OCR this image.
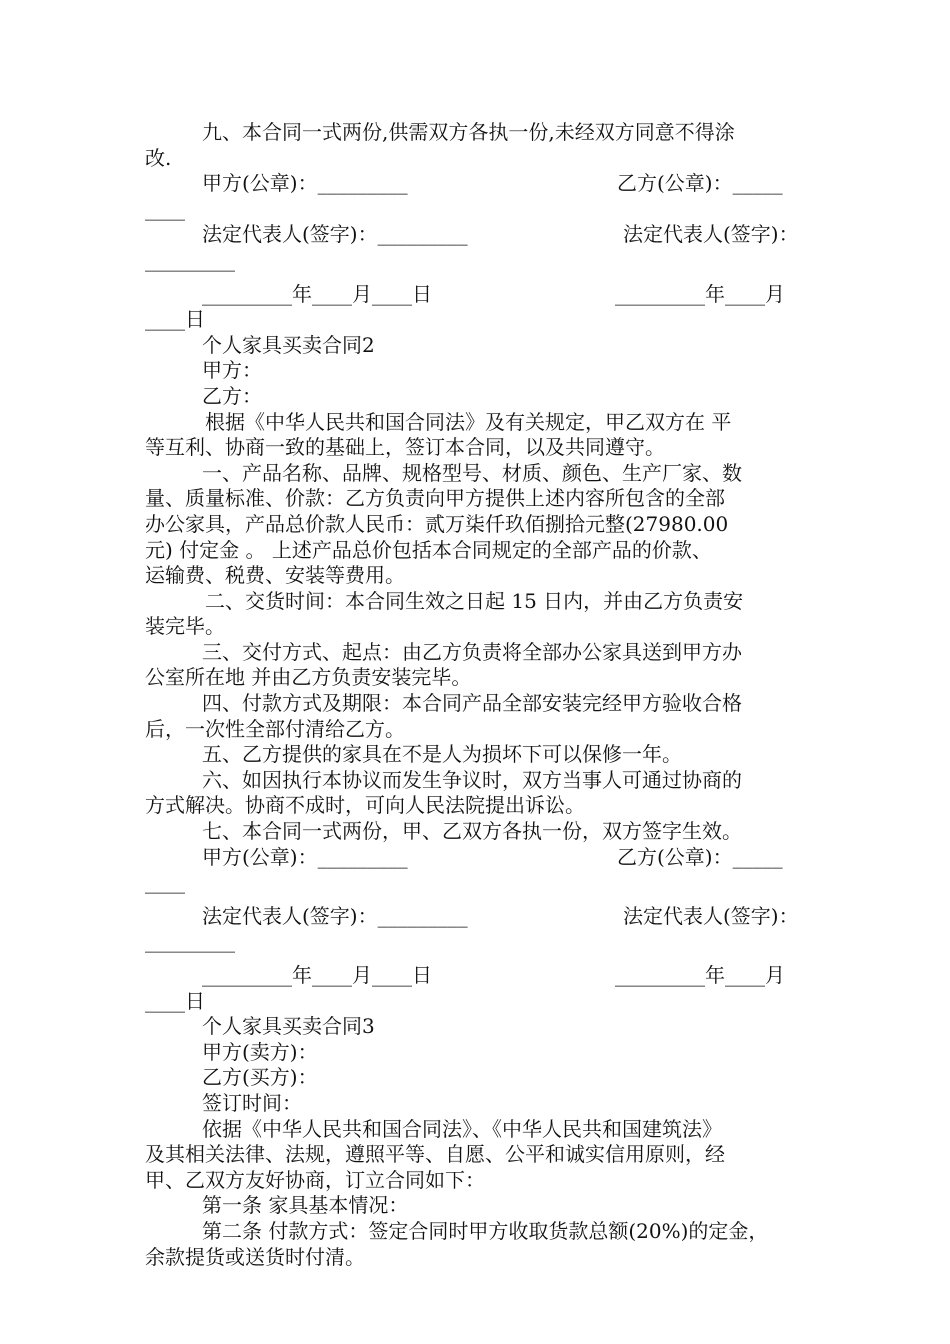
九、本合同一式两份,供需双方各执一份,未经双方同意不得涂
改.
甲方(公章)：_________	乙方(公章)：_____
____
法定代表人(签字)：_________	法定代表人(签字)：
_________
_________年____月____日	_________年____月
____日
个人家具买卖合同2
甲方：
乙方：
根据《中华人民共和国合同法》及有关规定，甲乙双方在 平
等互利、协商一致的基础上，签订本合同，以及共同遵守。
一、产品名称、品牌、规格型号、材质、颜色、生产厂家、数
量、质量标准、价款：乙方负责向甲方提供上述内容所包含的全部
办公家具，产品总价款人民币：贰万柒仟玖佰捌拾元整(27980.00
元) 付定金 。 上述产品总价包括本合同规定的全部产品的价款、
运输费、税费、安装等费用。
二、交货时间：本合同生效之日起 15 日内，并由乙方负责安
装完毕。
三、交付方式、起点：由乙方负责将全部办公家具送到甲方办
公室所在地 并由乙方负责安装完毕。
四、付款方式及期限：本合同产品全部安装完经甲方验收合格
后，一次性全部付清给乙方。
五、乙方提供的家具在不是人为损坏下可以保修一年。
六、如因执行本协议而发生争议时，双方当事人可通过协商的
方式解决。协商不成时，可向人民法院提出诉讼。
七、本合同一式两份，甲、乙双方各执一份，双方签字生效。
甲方(公章)：_________	乙方(公章)：_____
____
法定代表人(签字)：_________	法定代表人(签字)：
_________
_________年____月____日	_________年____月
____日
个人家具买卖合同3
甲方(卖方)：
乙方(买方)：
签订时间：
依据《中华人民共和国合同法》、《中华人民共和国建筑法》
及其相关法律、法规，遵照平等、自愿、公平和诚实信用原则，经
甲、乙双方友好协商，订立合同如下：
第一条 家具基本情况：
第二条 付款方式：签定合同时甲方收取货款总额(20%)的定金，
余款提货或送货时付清。
